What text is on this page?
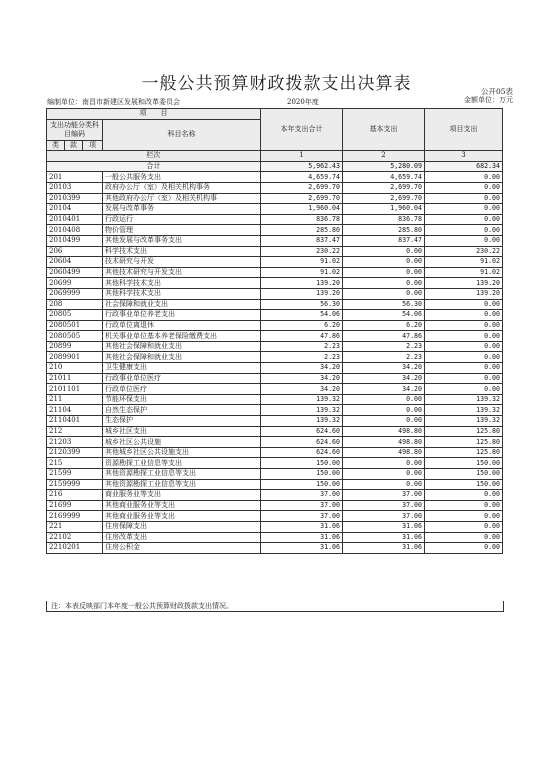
一般公共预算财政拨款支出决算表	公开05表
编制单位：南昌市新建区发展和改革委员会	2020年度	金额单位：万元
项　　目				本年支出合计	基本支出	项目支出
支出功能分类科目编码			科目名称			
类	款	项				
栏次				1	2	3
合计				5,962.43	5,280.09	682.34
201			一般公共服务支出	4,659.74	4,659.74	0.00
20103			政府办公厅（室）及相关机构事务	2,699.70	2,699.70	0.00
2010399			其他政府办公厅（室）及相关机构事	2,699.70	2,699.70	0.00
20104			发展与改革事务	1,960.04	1,960.04	0.00
2010401			行政运行	836.78	836.78	0.00
2010408			物价管理	285.80	285.80	0.00
2010499			其他发展与改革事务支出	837.47	837.47	0.00
206			科学技术支出	230.22	0.00	230.22
20604			技术研究与开发	91.02	0.00	91.02
2060499			其他技术研究与开发支出	91.02	0.00	91.02
20699			其他科学技术支出	139.20	0.00	139.20
2069999			其他科学技术支出	139.20	0.00	139.20
208			社会保障和就业支出	56.30	56.30	0.00
20805			行政事业单位养老支出	54.06	54.06	0.00
2080501			行政单位离退休	6.20	6.20	0.00
2080505			机关事业单位基本养老保险缴费支出	47.86	47.86	0.00
20899			其他社会保障和就业支出	2.23	2.23	0.00
2089901			其他社会保障和就业支出	2.23	2.23	0.00
210			卫生健康支出	34.20	34.20	0.00
21011			行政事业单位医疗	34.20	34.20	0.00
2101101			行政单位医疗	34.20	34.20	0.00
211			节能环保支出	139.32	0.00	139.32
21104			自然生态保护	139.32	0.00	139.32
2110401			生态保护	139.32	0.00	139.32
212			城乡社区支出	624.60	498.80	125.80
21203			城乡社区公共设施	624.60	498.80	125.80
2120399			其他城乡社区公共设施支出	624.60	498.80	125.80
215			资源勘探工业信息等支出	150.00	0.00	150.00
21599			其他资源勘探工业信息等支出	150.00	0.00	150.00
2159999			其他资源勘探工业信息等支出	150.00	0.00	150.00
216			商业服务业等支出	37.00	37.00	0.00
21699			其他商业服务业等支出	37.00	37.00	0.00
2169999			其他商业服务业等支出	37.00	37.00	0.00
221			住房保障支出	31.06	31.06	0.00
22102			住房改革支出	31.06	31.06	0.00
2210201			住房公积金	31.06	31.06	0.00
注：本表反映部门本年度一般公共预算财政拨款支出情况。
